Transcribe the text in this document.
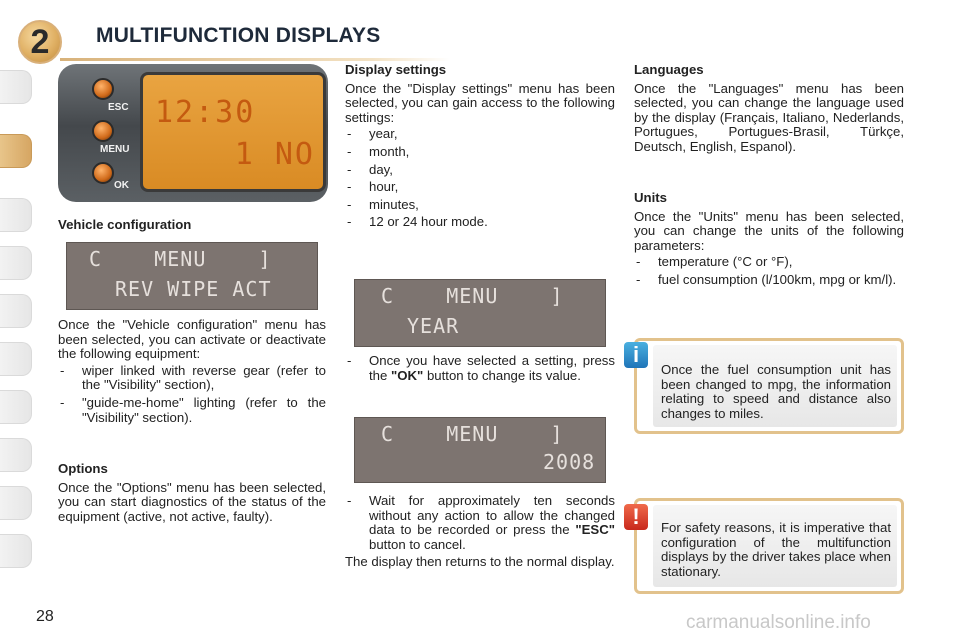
2	MULTIFUNCTION DISPLAYS
ESC
MENU
OK
12:30
1 NO
Vehicle configuration
C    MENU    ]
REV WIPE ACT

Once the "Vehicle configuration" menu has been selected, you can activate or deactivate the following equipment:

- wiper linked with reverse gear (refer to the "Visibility" section),
- "guide-me-home" lighting (refer to the "Visibility" section).
Options

Once the "Options" menu has been selected, you can start diagnostics of the status of the equipment (active, not active, faulty).

Display settings

Once the "Display settings" menu has been selected, you can gain access to the following settings:

- year,
- month,
- day,
- hour,
- minutes,
- 12 or 24 hour mode.
C    MENU    ]
YEAR
- Once you have selected a setting, press the "OK" button to change its value.
C    MENU    ]
2008
- Wait for approximately ten seconds without any action to allow the changed data to be recorded or press the "ESC" button to cancel.

The display then returns to the normal display.

Languages

Once the "Languages" menu has been selected, you can change the language used by the display (Français, Italiano, Nederlands, Portugues, Portugues-Brasil, Türkçe, Deutsch, English, Espanol).

Units

Once the "Units" menu has been selected, you can change the units of the following parameters:

- temperature (°C or °F),
- fuel consumption (l/100km, mpg or km/l).
Once the fuel consumption unit has been changed to mpg, the information relating to speed and distance also changes to miles.
i
For safety reasons, it is imperative that configuration of the multifunction displays by the driver takes place when stationary.
!
28	carmanualsonline.info
